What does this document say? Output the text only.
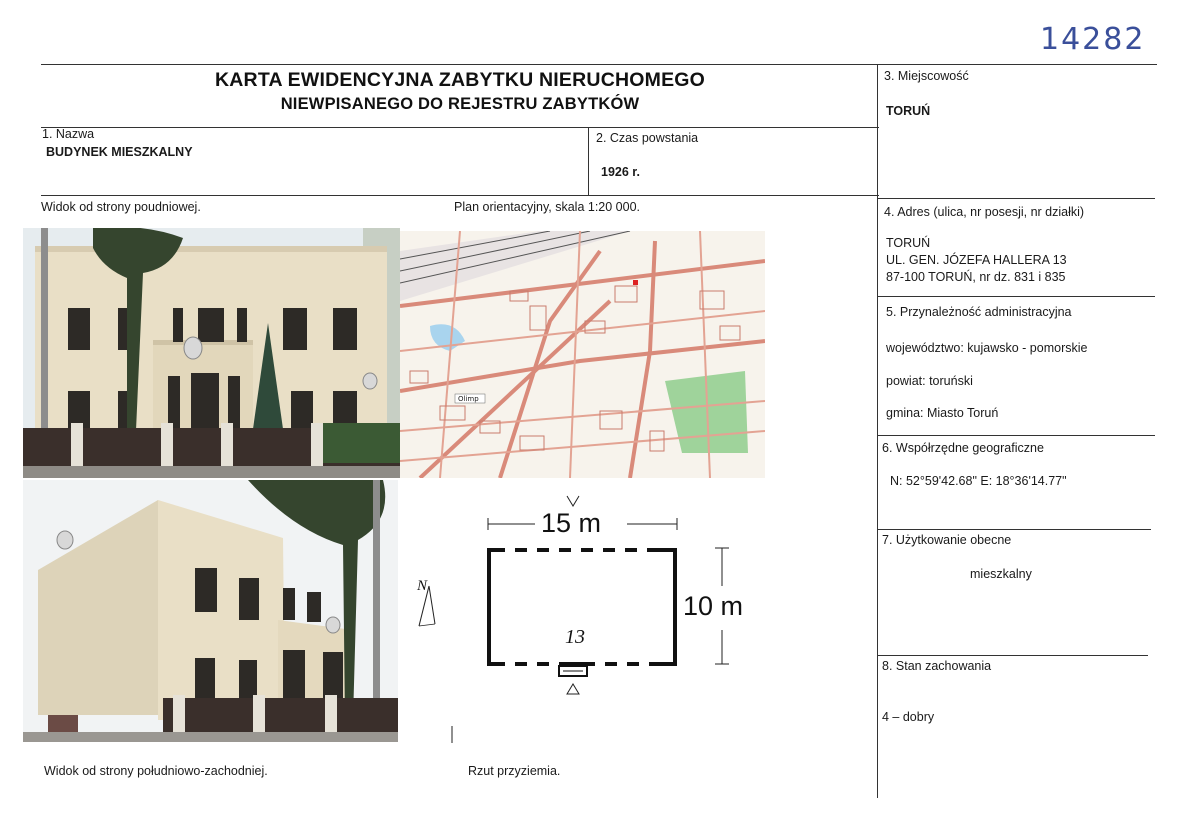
14282
KARTA EWIDENCYJNA ZABYTKU NIERUCHOMEGO
NIEWPISANEGO DO REJESTRU ZABYTKÓW
1. Nazwa
BUDYNEK MIESZKALNY
2. Czas powstania
1926 r.
3. Miejscowość
TORUŃ
4. Adres (ulica, nr posesji, nr działki)
TORUŃ
UL. GEN. JÓZEFA HALLERA 13
87-100 TORUŃ, nr dz. 831 i 835
5. Przynależność administracyjna
województwo: kujawsko - pomorskie
powiat: toruński
gmina: Miasto Toruń
6. Współrzędne geograficzne
N: 52°59'42.68" E: 18°36'14.77"
7. Użytkowanie obecne
mieszkalny
8. Stan zachowania
4 – dobry
Widok od strony poudniowej.	Plan orientacyjny, skala 1:20 000.
Widok od strony południowo-zachodniej.	Rzut przyziemia.
Olimp
15 m
10 m
13
N
